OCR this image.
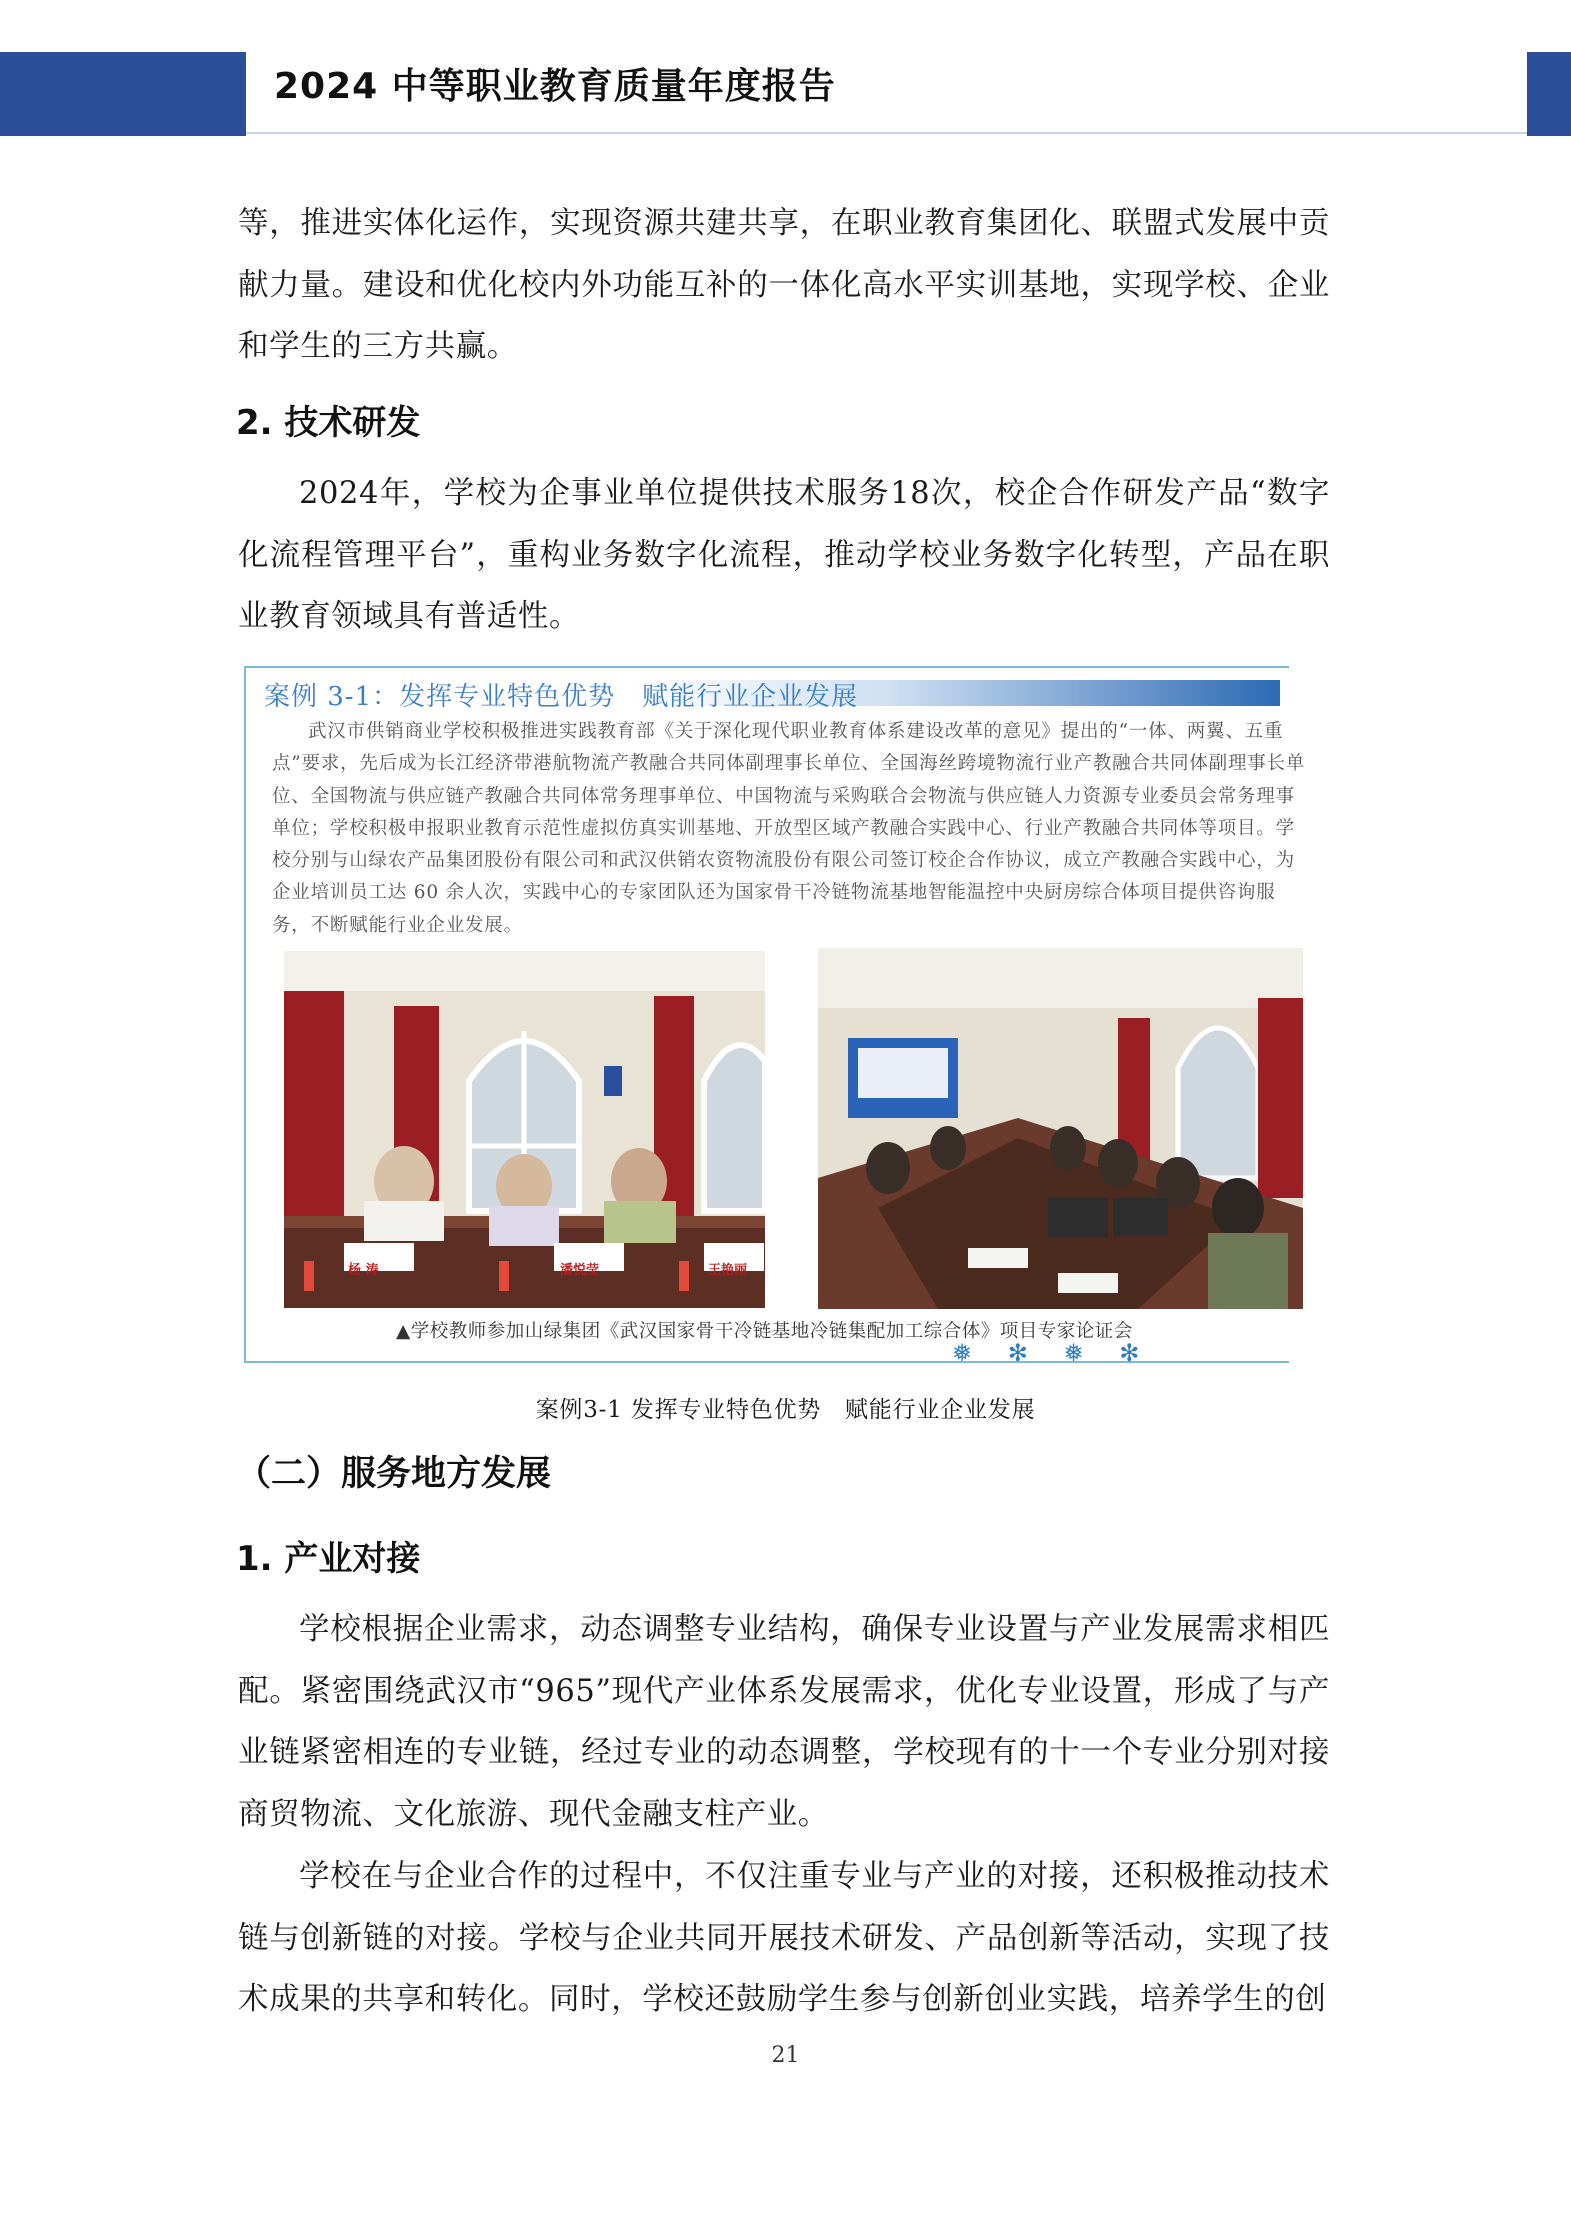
2024 中等职业教育质量年度报告

等，推进实体化运作，实现资源共建共享，在职业教育集团化、联盟式发展中贡献力量。建设和优化校内外功能互补的一体化高水平实训基地，实现学校、企业和学生的三方共赢。

2. 技术研发

2024年，学校为企事业单位提供技术服务18次，校企合作研发产品“数字化流程管理平台”，重构业务数字化流程，推动学校业务数字化转型，产品在职业教育领域具有普适性。

案例 3-1：发挥专业特色优势　赋能行业企业发展

武汉市供销商业学校积极推进实践教育部《关于深化现代职业教育体系建设改革的意见》提出的“一体、两翼、五重点”要求，先后成为长江经济带港航物流产教融合共同体副理事长单位、全国海丝跨境物流行业产教融合共同体副理事长单位、全国物流与供应链产教融合共同体常务理事单位、中国物流与采购联合会物流与供应链人力资源专业委员会常务理事单位；学校积极申报职业教育示范性虚拟仿真实训基地、开放型区域产教融合实践中心、行业产教融合共同体等项目。学校分别与山绿农产品集团股份有限公司和武汉供销农资物流股份有限公司签订校企合作协议，成立产教融合实践中心，为企业培训员工达 60 余人次，实践中心的专家团队还为国家骨干冷链物流基地智能温控中央厨房综合体项目提供咨询服务，不断赋能行业企业发展。

杨 涛	潘悦莹	王艳丽
▲学校教师参加山绿集团《武汉国家骨干冷链基地冷链集配加工综合体》项目专家论证会
❅ ✻ ❅ ✻
案例3-1 发挥专业特色优势　赋能行业企业发展
（二）服务地方发展
1. 产业对接

学校根据企业需求，动态调整专业结构，确保专业设置与产业发展需求相匹配。紧密围绕武汉市“965”现代产业体系发展需求，优化专业设置，形成了与产业链紧密相连的专业链，经过专业的动态调整，学校现有的十一个专业分别对接商贸物流、文化旅游、现代金融支柱产业。

学校在与企业合作的过程中，不仅注重专业与产业的对接，还积极推动技术链与创新链的对接。学校与企业共同开展技术研发、产品创新等活动，实现了技术成果的共享和转化。同时，学校还鼓励学生参与创新创业实践，培养学生的创

21
